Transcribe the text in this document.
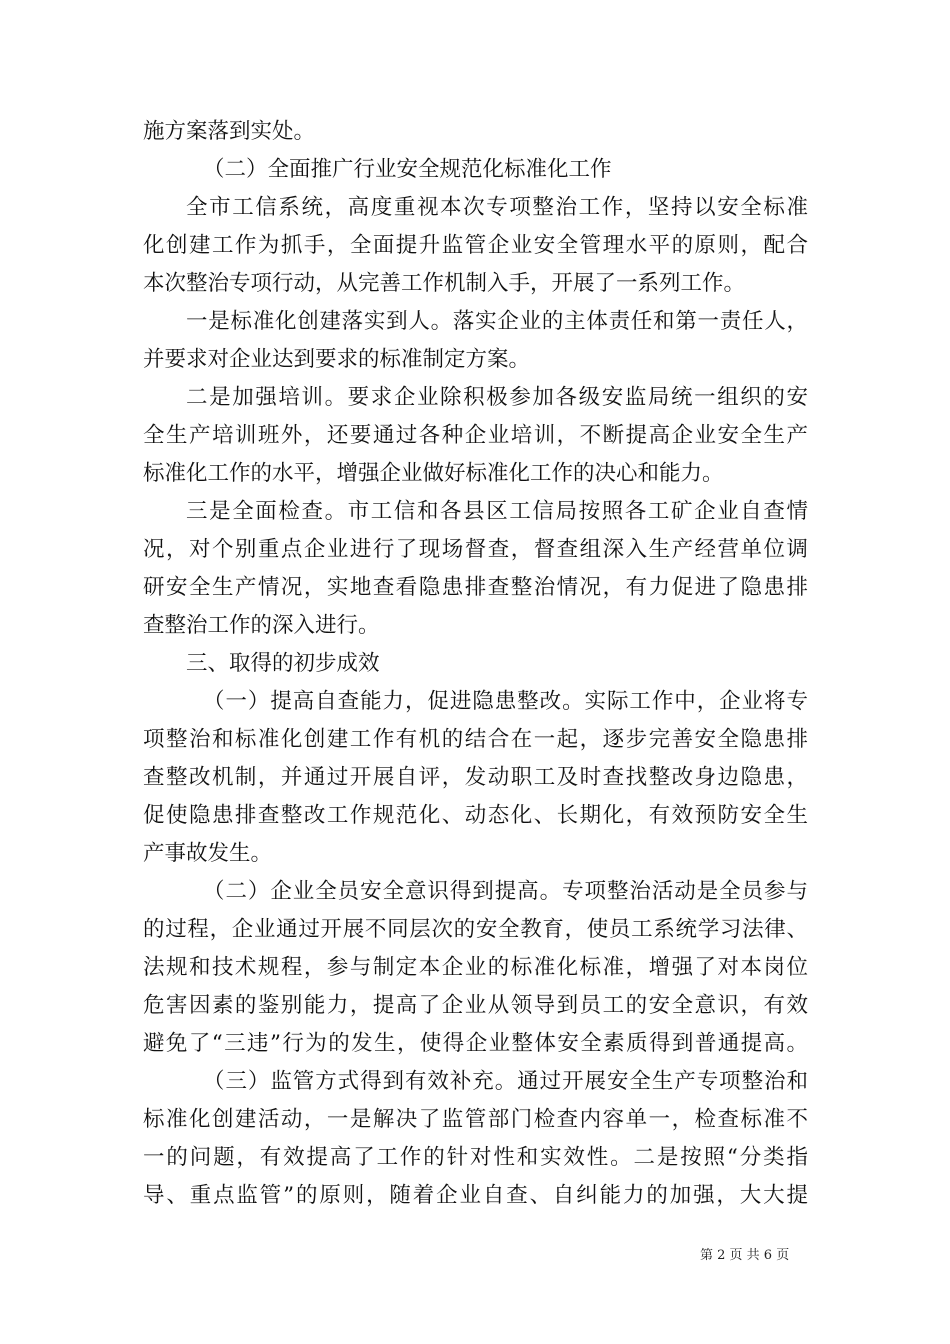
施方案落到实处。
（二）全面推广行业安全规范化标准化工作
全市工信系统，高度重视本次专项整治工作，坚持以安全标准
化创建工作为抓手，全面提升监管企业安全管理水平的原则，配合
本次整治专项行动，从完善工作机制入手，开展了一系列工作。
一是标准化创建落实到人。落实企业的主体责任和第一责任人，
并要求对企业达到要求的标准制定方案。
二是加强培训。要求企业除积极参加各级安监局统一组织的安
全生产培训班外，还要通过各种企业培训，不断提高企业安全生产
标准化工作的水平，增强企业做好标准化工作的决心和能力。
三是全面检查。市工信和各县区工信局按照各工矿企业自查情
况，对个别重点企业进行了现场督查，督查组深入生产经营单位调
研安全生产情况，实地查看隐患排查整治情况，有力促进了隐患排
查整治工作的深入进行。
三、取得的初步成效
（一）提高自查能力，促进隐患整改。实际工作中，企业将专
项整治和标准化创建工作有机的结合在一起，逐步完善安全隐患排
查整改机制，并通过开展自评，发动职工及时查找整改身边隐患，
促使隐患排查整改工作规范化、动态化、长期化，有效预防安全生
产事故发生。
（二）企业全员安全意识得到提高。专项整治活动是全员参与
的过程，企业通过开展不同层次的安全教育，使员工系统学习法律、
法规和技术规程，参与制定本企业的标准化标准，增强了对本岗位
危害因素的鉴别能力，提高了企业从领导到员工的安全意识，有效
避免了“三违”行为的发生，使得企业整体安全素质得到普通提高。
（三）监管方式得到有效补充。通过开展安全生产专项整治和
标准化创建活动，一是解决了监管部门检查内容单一，检查标准不
一的问题，有效提高了工作的针对性和实效性。二是按照“分类指
导、重点监管”的原则，随着企业自查、自纠能力的加强，大大提
第 2 页 共 6 页
